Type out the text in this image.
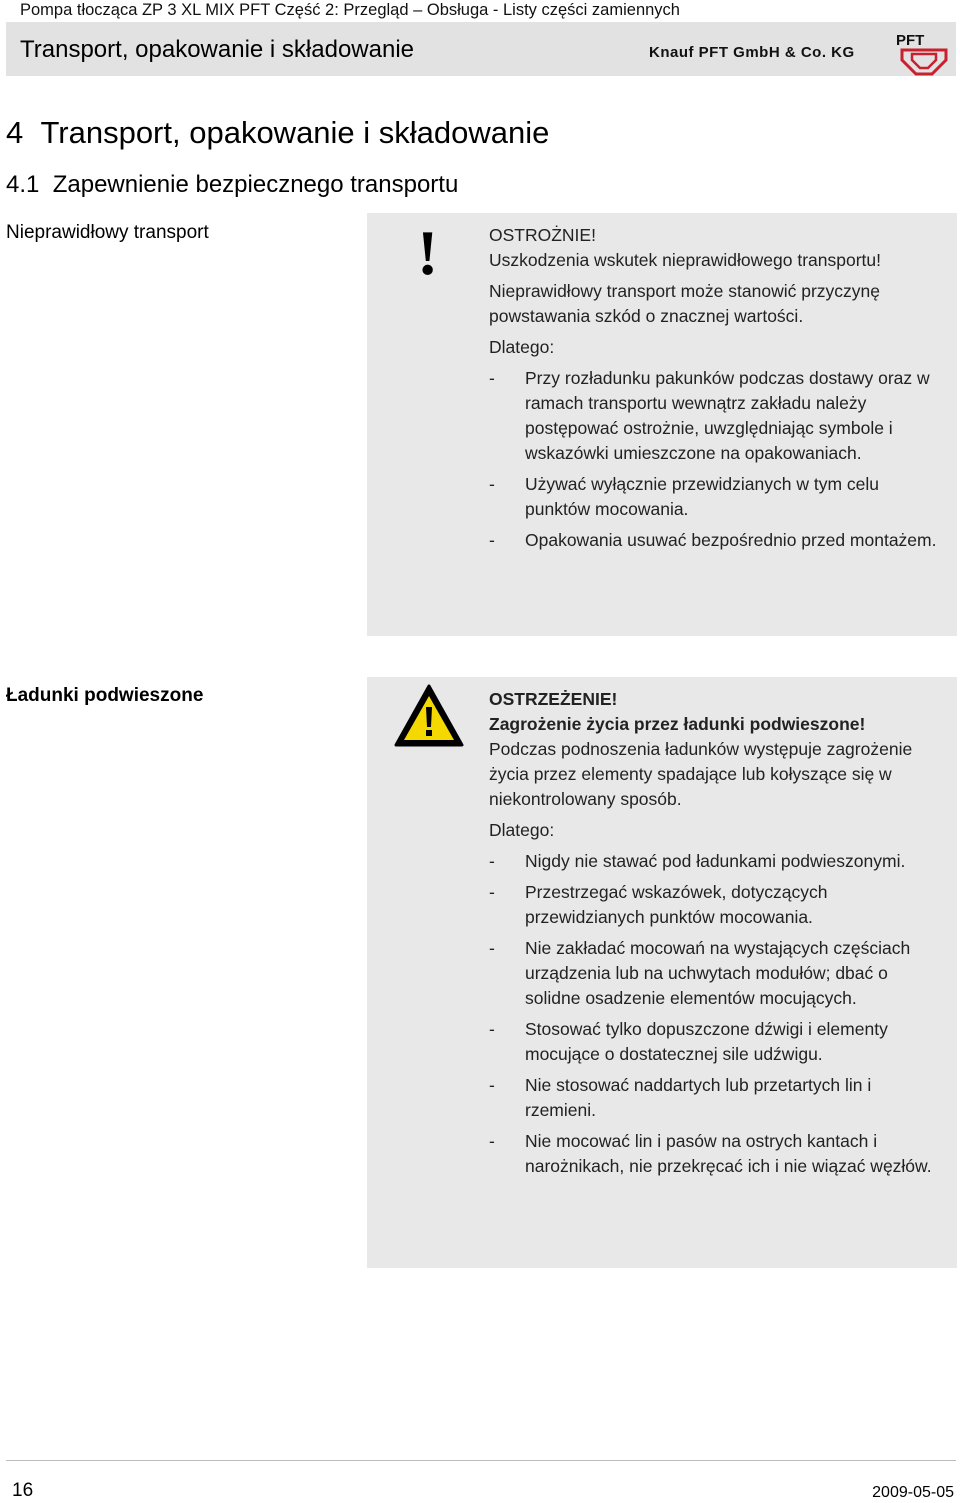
Pompa tłocząca ZP 3 XL MIX PFT Część 2: Przegląd – Obsługa - Listy części zamiennych
Transport, opakowanie i składowanie	Knauf PFT GmbH & Co. KG
PFT
4 Transport, opakowanie i składowanie
4.1 Zapewnienie bezpiecznego transportu
Nieprawidłowy transport	!	OSTROŻNIE!

Uszkodzenia wskutek nieprawidłowego transportu!

Nieprawidłowy transport może stanowić przyczynę powstawania szkód o znacznej wartości.

Dlatego:

- Przy rozładunku pakunków podczas dostawy oraz w ramach transportu wewnątrz zakładu należy postępować ostrożnie, uwzględniając symbole i wskazówki umieszczone na opakowaniach.
- Używać wyłącznie przewidzianych w tym celu punktów mocowania.
- Opakowania usuwać bezpośrednio przed montażem.
Ładunki podwieszone	OSTRZEŻENIE!

Zagrożenie życia przez ładunki podwieszone!

Podczas podnoszenia ładunków występuje zagrożenie życia przez elementy spadające lub kołyszące się w niekontrolowany sposób.

Dlatego:

- Nigdy nie stawać pod ładunkami podwieszonymi.
- Przestrzegać wskazówek, dotyczących przewidzianych punktów mocowania.
- Nie zakładać mocowań na wystających częściach urządzenia lub na uchwytach modułów; dbać o solidne osadzenie elementów mocujących.
- Stosować tylko dopuszczone dźwigi i elementy mocujące o dostatecznej sile udźwigu.
- Nie stosować naddartych lub przetartych lin i rzemieni.
- Nie mocować lin i pasów na ostrych kantach i narożnikach, nie przekręcać ich i nie wiązać węzłów.
16	2009-05-05
